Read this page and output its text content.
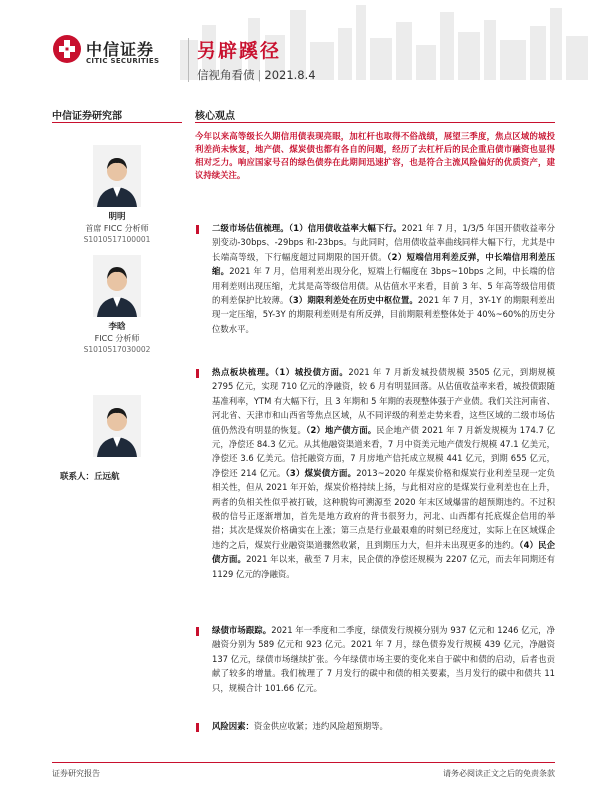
中信证券
CITIC SECURITIES 另辟蹊径
信视角看债 | 2021.8.4
中信证券研究部	核心观点
明明
首席 FICC 分析师
S1010517100001
李晗
FICC 分析师
S1010517030002
联系人：丘远航
今年以来高等级长久期信用债表现亮眼，加杠杆也取得不俗战绩，展望三季度，焦点区域的城投利差尚未恢复，地产债、煤炭债也都有各自的问题，经历了去杠杆后的民企重启债市融资也显得相对乏力。响应国家号召的绿色债券在此期间迅速扩容，也是符合主流风险偏好的优质资产，建议持续关注。
二级市场估值梳理。（1）信用债收益率大幅下行。2021 年 7 月，1/3/5 年国开债收益率分别变动-30bps、-29bps 和-23bps。与此同时，信用债收益率曲线同样大幅下行，尤其是中长端高等级，下行幅度超过同期限的国开债。（2）短端信用利差反弹，中长端信用利差压缩。2021 年 7 月，信用利差出现分化，短端上行幅度在 3bps~10bps 之间，中长端的信用利差则出现压缩，尤其是高等级信用债。从估值水平来看，目前 3 年、5 年高等级信用债的利差保护比较薄。（3）期限利差处在历史中枢位置。2021 年 7 月，3Y-1Y 的期限利差出现一定压缩，5Y-3Y 的期限利差则是有所反弹，目前期限利差整体处于 40%~60%的历史分位数水平。
热点板块梳理。（1）城投债方面。2021 年 7 月新发城投债规模 3505 亿元，到期规模 2795 亿元，实现 710 亿元的净融资，较 6 月有明显回落。从估值收益率来看，城投债跟随基准利率，YTM 有大幅下行，且 3 年期和 5 年期的表现整体强于产业债。我们关注河南省、河北省、天津市和山西省等焦点区域，从不同评级的利差走势来看，这些区域的二级市场估值仍然没有明显的恢复。（2）地产债方面。民企地产债 2021 年 7 月新发规模为 174.7 亿元，净偿还 84.3 亿元。从其他融资渠道来看，7 月中资美元地产债发行规模 47.1 亿美元，净偿还 3.6 亿美元。信托融资方面，7 月房地产信托成立规模 441 亿元，到期 655 亿元，净偿还 214 亿元。（3）煤炭债方面。2013~2020 年煤炭价格和煤炭行业利差呈现一定负相关性，但从 2021 年开始，煤炭价格持续上扬，与此相对应的是煤炭行业利差也在上升，两者的负相关性似乎被打破，这种脱钩可溯源至 2020 年末区域爆雷的超预期违约。不过积极的信号正逐渐增加，首先是地方政府的背书很努力，河北、山西都有托底煤企信用的举措；其次是煤炭价格确实在上涨；第三点是行业最艰难的时刻已经度过，实际上在区域煤企违约之后，煤炭行业融资渠道骤然收紧，且到期压力大，但并未出现更多的违约。（4）民企债方面。2021 年以来，截至 7 月末，民企债的净偿还规模为 2207 亿元，而去年同期还有 1129 亿元的净融资。
绿债市场跟踪。2021 年一季度和二季度，绿债发行规模分别为 937 亿元和 1246 亿元，净融资分别为 589 亿元和 923 亿元。2021 年 7 月，绿色债券发行规模 439 亿元，净融资 137 亿元，绿债市场继续扩张。今年绿债市场主要的变化来自于碳中和债的启动，后者也贡献了较多的增量。我们梳理了 7 月发行的碳中和债的相关要素，当月发行的碳中和债共 11 只，规模合计 101.66 亿元。
风险因素：资金供应收紧；违约风险超预期等。
证券研究报告	请务必阅读正文之后的免责条款
